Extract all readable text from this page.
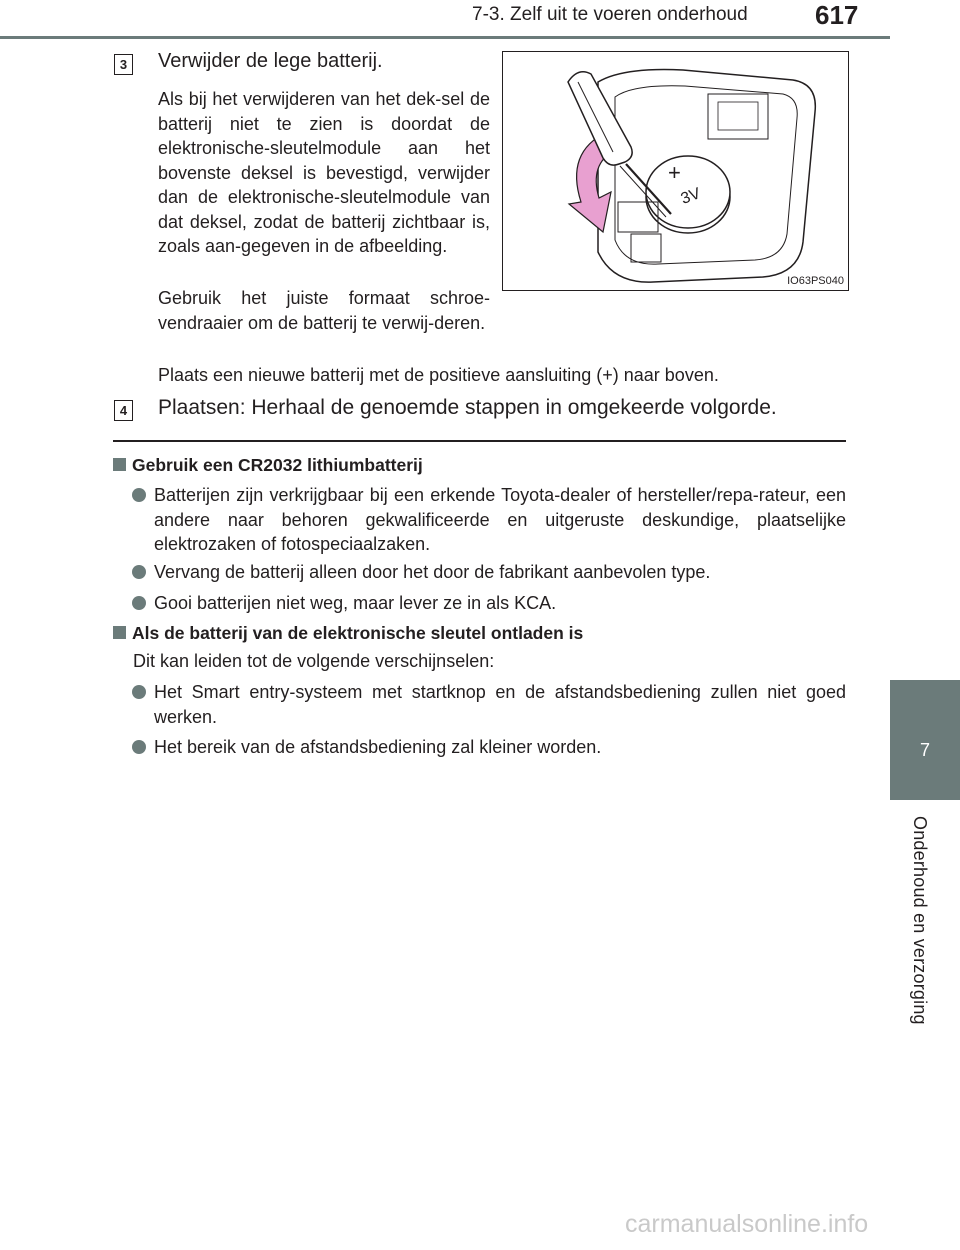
7-3. Zelf uit te voeren onderhoud	617
7
Onderhoud en verzorging
3 Verwijder de lege batterij.
Als bij het verwijderen van het dek-sel de batterij niet te zien is doordat de elektronische-sleutelmodule aan het bovenste deksel is bevestigd, verwijder dan de elektronische-sleutelmodule van dat deksel, zodat de batterij zichtbaar is, zoals aan-gegeven in de afbeelding.
Gebruik het juiste formaat schroe-vendraaier om de batterij te verwij-deren.
Plaats een nieuwe batterij met de positieve aansluiting (+) naar boven.
+
3V
IO63PS040
4 Plaatsen: Herhaal de genoemde stappen in omgekeerde volgorde.
Gebruik een CR2032 lithiumbatterij
Batterijen zijn verkrijgbaar bij een erkende Toyota-dealer of hersteller/repa-rateur, een andere naar behoren gekwalificeerde en uitgeruste deskundige, plaatselijke elektrozaken of fotospeciaalzaken.
Vervang de batterij alleen door het door de fabrikant aanbevolen type.
Gooi batterijen niet weg, maar lever ze in als KCA.
Als de batterij van de elektronische sleutel ontladen is
Dit kan leiden tot de volgende verschijnselen:
Het Smart entry-systeem met startknop en de afstandsbediening zullen niet goed werken.
Het bereik van de afstandsbediening zal kleiner worden.
carmanualsonline.info
